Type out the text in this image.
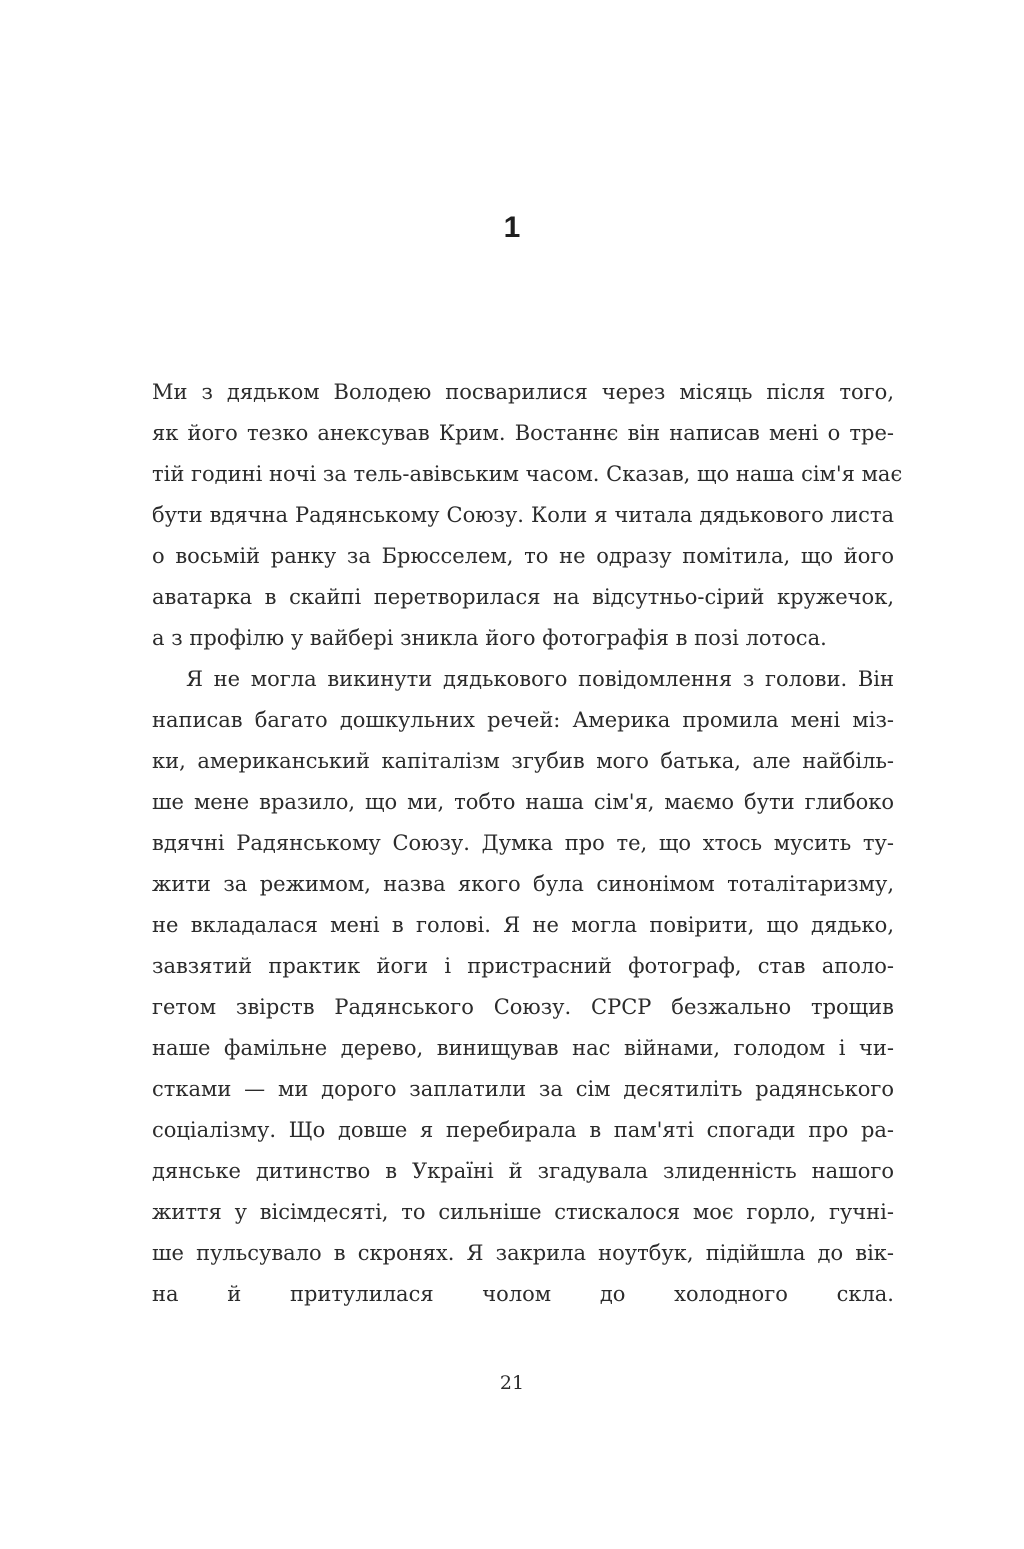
1
Ми з дядьком Володею посварилися через місяць після того,
як його тезко анексував Крим. Востаннє він написав мені о тре-
тій годині ночі за тель-авівським часом. Сказав, що наша сім'я має
бути вдячна Радянському Союзу. Коли я читала дядькового листа
о восьмій ранку за Брюсселем, то не одразу помітила, що його
аватарка в скайпі перетворилася на відсутньо-сірий кружечок,
а з профілю у вайбері зникла його фотографія в позі лотоса.
Я не могла викинути дядькового повідомлення з голови. Він
написав багато дошкульних речей: Америка промила мені міз-
ки, американський капіталізм згубив мого батька, але найбіль-
ше мене вразило, що ми, тобто наша сім'я, маємо бути глибоко
вдячні Радянському Союзу. Думка про те, що хтось мусить ту-
жити за режимом, назва якого була синонімом тоталітаризму,
не вкладалася мені в голові. Я не могла повірити, що дядько,
завзятий практик йоги і пристрасний фотограф, став аполо-
гетом звірств Радянського Союзу. СРСР безжально трощив
наше фамільне дерево, винищував нас війнами, голодом і чи-
стками — ми дорого заплатили за сім десятиліть радянського
соціалізму. Що довше я перебирала в пам'яті спогади про ра-
дянське дитинство в Україні й згадувала злиденність нашого
життя у вісімдесяті, то сильніше стискалося моє горло, гучні-
ше пульсувало в скронях. Я закрила ноутбук, підійшла до вік-
на й притулилася чолом до холодного скла.
21
